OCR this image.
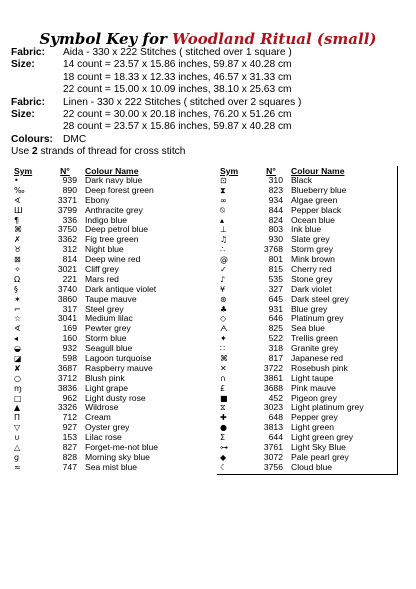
Symbol Key for Woodland Ritual (small)
Fabric:	Aida - 330 x 222 Stitches ( stitched over 1 square )
Size:	14 count = 23.57 x 15.86 inches, 59.87 x 40.28 cm
18 count = 18.33 x 12.33 inches, 46.57 x 31.33 cm
22 count = 15.00 x 10.09 inches, 38.10 x 25.63 cm
Fabric:	Linen - 330 x 222 Stitches ( stitched over 2 squares )
Size:	22 count = 30.00 x 20.18 inches, 76.20 x 51.26 cm
28 count = 23.57 x 15.86 inches, 59.87 x 40.28 cm
Colours: DMC
Use 2 strands of thread for cross stitch
Sym	N°	Colour Name
•	939 Dark navy blue
‰	890 Deep forest green
∢	3371 Ebony
Ш	3799 Anthracite grey
¶	336 Indigo blue
⌘	3750 Deep petrol blue
✗	3362 Fig tree green
♉	312 Night blue
⊠	814 Deep wine red
✧	3021 Cliff grey
Ω	221 Mars red
§	3740 Dark antique violet
✶	3860 Taupe mauve
⌐	317 Steel grey
☆	3041 Medium lilac
∢	169 Pewter grey
◂	160 Storm blue
◒	932 Seagull blue
◪	598 Lagoon turquoise
✘	3687 Raspberry mauve
○	3712 Blush pink
ɱ	3836 Light grape
□	962 Light dusty rose
▲	3326 Wildrose
Π	712 Cream
▽	927 Oyster grey
∪	153 Lilac rose
△	827 Forget-me-not blue
g	828 Morning sky blue
≈	747 Sea mist blue
Sym	N°	Colour Name
⊡	310 Black
⧗	823 Blueberry blue
∞	934 Algae green
⍉	844 Pepper black
▴	824 Ocean blue
⊥	803 Ink blue
♫	930 Slate grey
∴	3768 Storm grey
@	801 Mink brown
✓	815 Cherry red
♪	535 Stone grey
¥	327 Dark violet
⊛	645 Dark steel grey
♣	931 Blue grey
◇	646 Platinum grey
ᗅ	825 Sea blue
✦	522 Trellis green
∷	318 Granite grey
⌘	817 Japanese red
✕	3722 Rosebush pink
∩	3861 Light taupe
£	3688 Pink mauve
■	452 Pigeon grey
⧖	3023 Light platinum grey
✚	648 Pepper grey
●	3813 Light green
Σ	644 Light green grey
⊶	3761 Light Sky Blue
◆	3072 Pale pearl grey
☾	3756 Cloud blue
